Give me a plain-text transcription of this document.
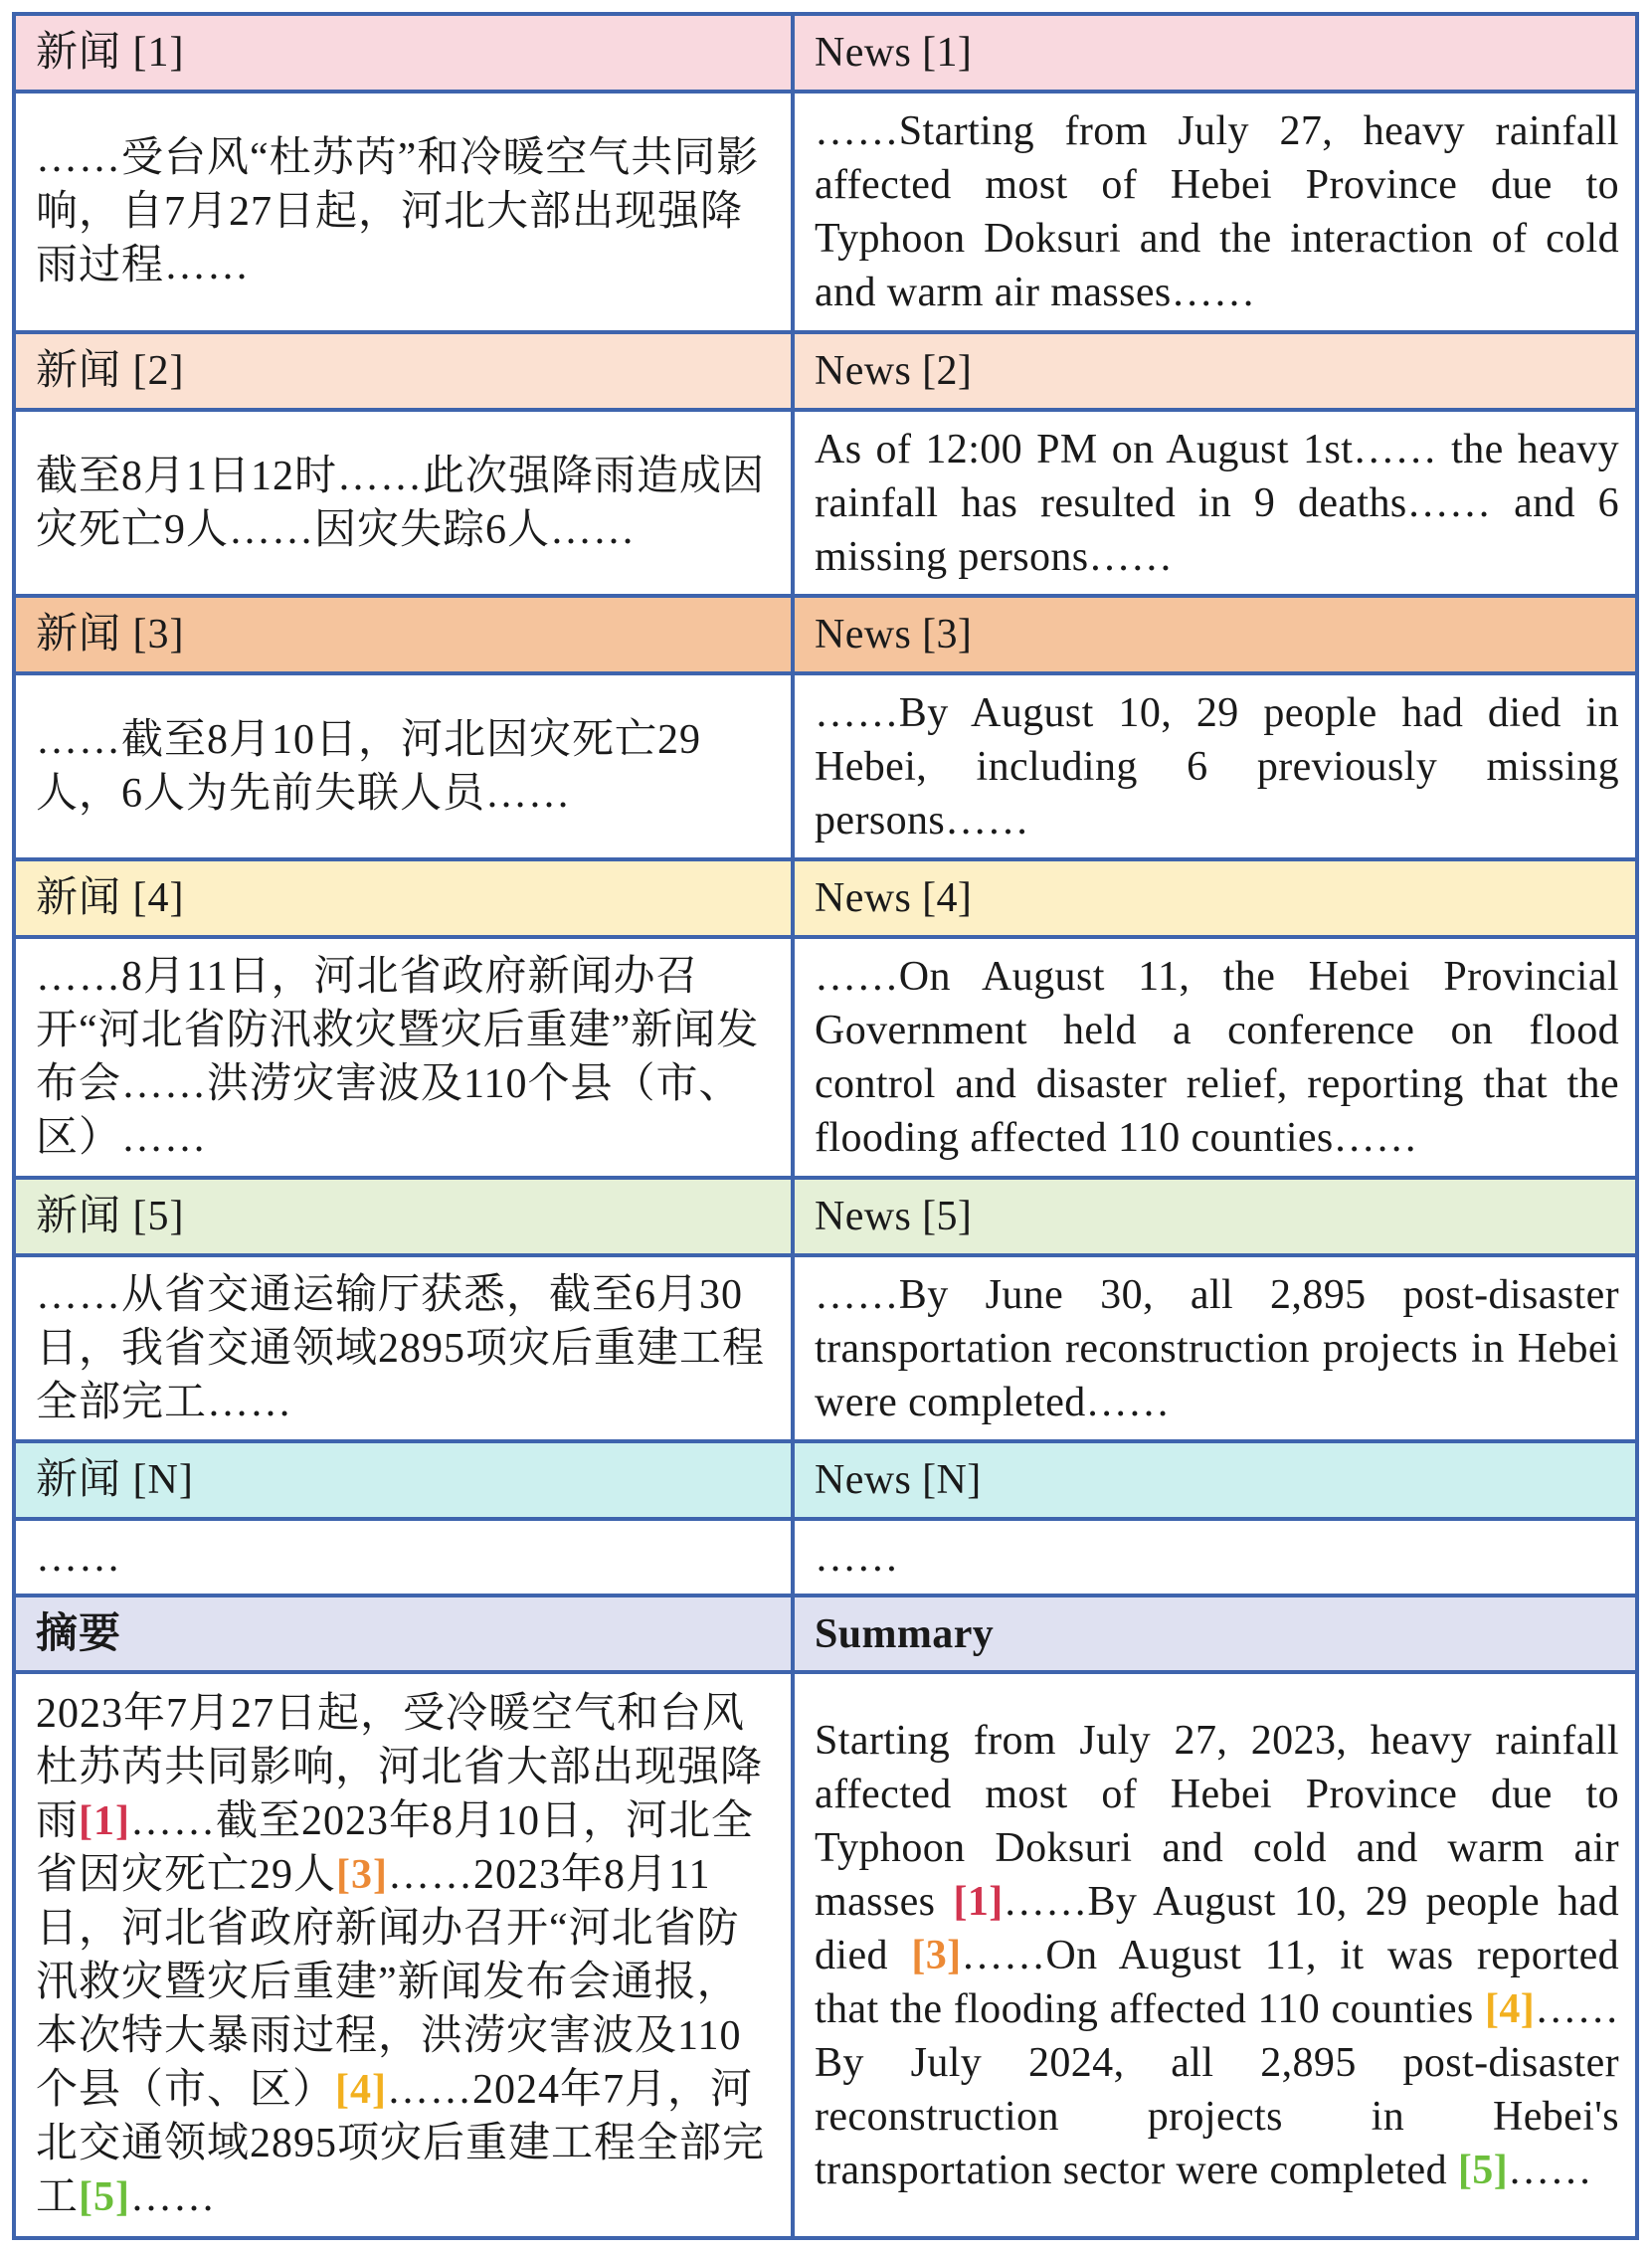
新闻 [1]	News [1]
……受台风“杜苏芮”和冷暖空气共同影响，自7月27日起，河北大部出现强降雨过程……	……Starting from July 27, heavy rainfall affected most of Hebei Province due to Typhoon Doksuri and the interaction of cold and warm air masses……
新闻 [2]	News [2]
截至8月1日12时……此次强降雨造成因灾死亡9人……因灾失踪6人……	As of 12:00 PM on August 1st…… the heavy rainfall has resulted in 9 deaths…… and 6 missing persons……
新闻 [3]	News [3]
……截至8月10日，河北因灾死亡29人，6人为先前失联人员……	……By August 10, 29 people had died in Hebei, including 6 previously missing persons……
新闻 [4]	News [4]
……8月11日，河北省政府新闻办召开“河北省防汛救灾暨灾后重建”新闻发布会……洪涝灾害波及110个县（市、区）……	……On August 11, the Hebei Provincial Government held a conference on flood control and disaster relief, reporting that the flooding affected 110 counties……
新闻 [5]	News [5]
……从省交通运输厅获悉，截至6月30日，我省交通领域2895项灾后重建工程全部完工……	……By June 30, all 2,895 post-disaster transportation reconstruction projects in Hebei were completed……
新闻 [N]	News [N]
……	……
摘要	Summary
2023年7月27日起，受冷暖空气和台风杜苏芮共同影响，河北省大部出现强降雨[1]……截至2023年8月10日，河北全省因灾死亡29人[3]……2023年8月11日，河北省政府新闻办召开“河北省防汛救灾暨灾后重建”新闻发布会通报，本次特大暴雨过程，洪涝灾害波及110个县（市、区）[4]……2024年7月，河北交通领域2895项灾后重建工程全部完工[5]……	Starting from July 27, 2023, heavy rainfall affected most of Hebei Province due to Typhoon Doksuri and cold and warm air masses [1]……By August 10, 29 people had died [3]……On August 11, it was reported that the flooding affected 110 counties [4]……By July 2024, all 2,895 post-disaster reconstruction projects in Hebei's transportation sector were completed [5]……
